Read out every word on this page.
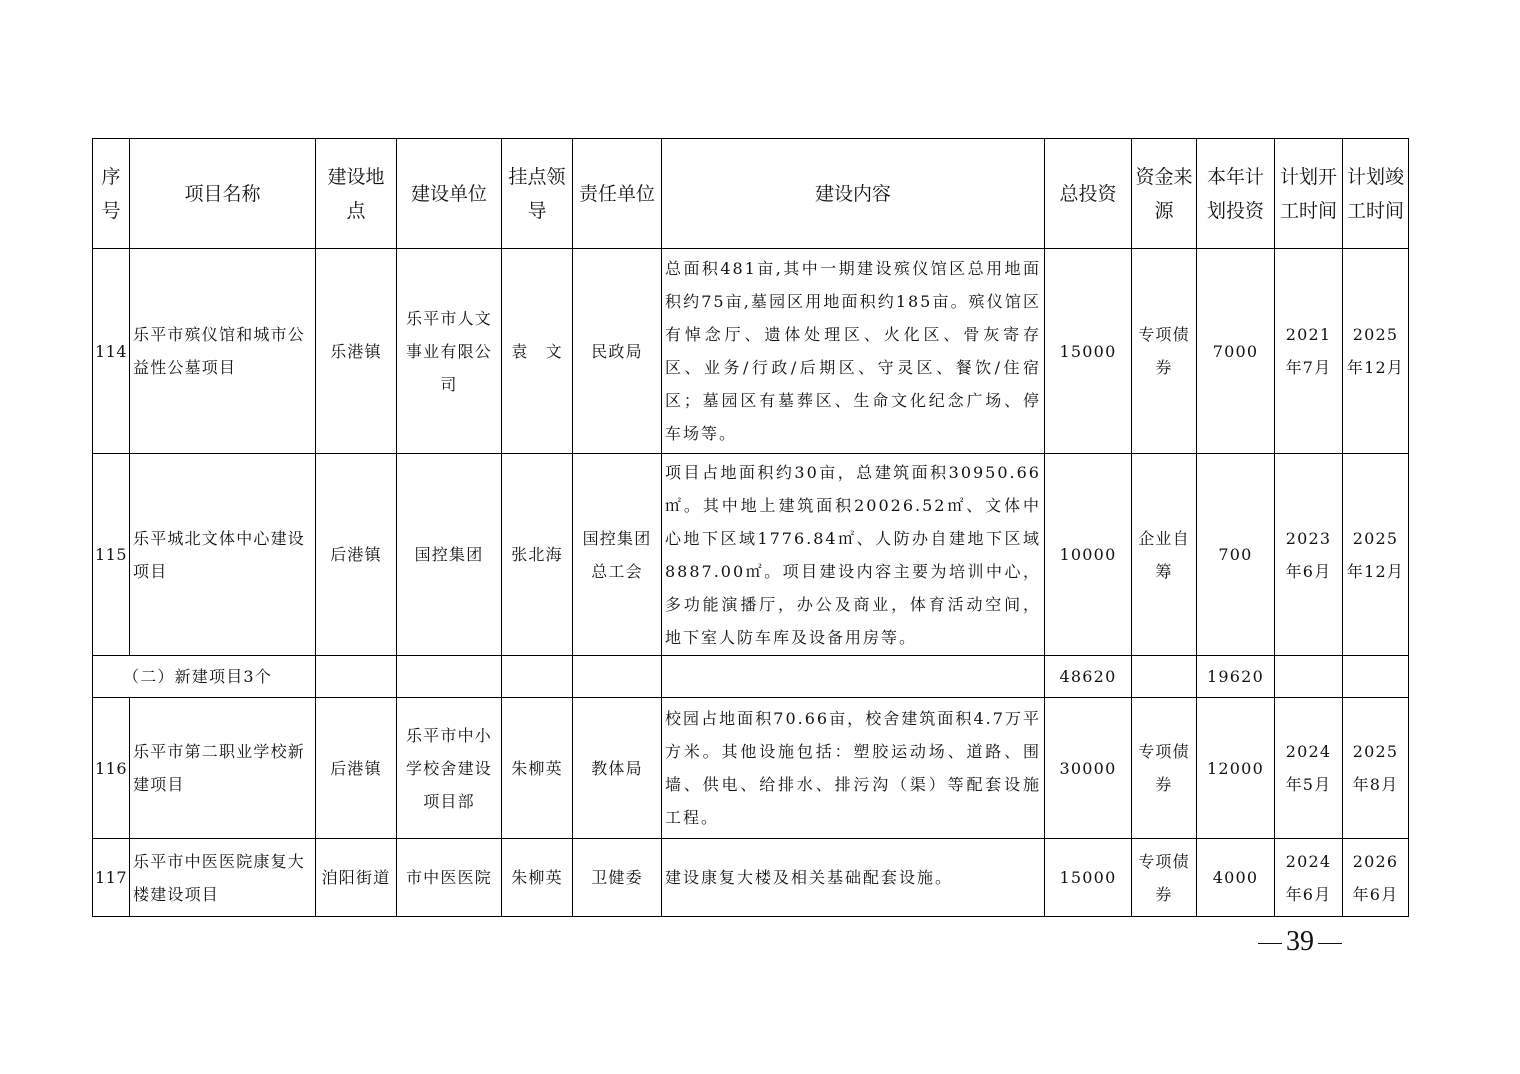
序号	项目名称	建设地点	建设单位	挂点领导	责任单位	建设内容	总投资	资金来源	本年计划投资	计划开工时间	计划竣工时间
114	乐平市殡仪馆和城市公益性公墓项目	乐港镇	乐平市人文事业有限公司	袁　文	民政局	总面积481亩,其中一期建设殡仪馆区总用地面积约75亩,墓园区用地面积约185亩。殡仪馆区有悼念厅、遗体处理区、火化区、骨灰寄存区、业务/行政/后期区、守灵区、餐饮/住宿区；墓园区有墓葬区、生命文化纪念广场、停车场等。	15000	专项债券	7000	2021年7月	2025年12月
115	乐平城北文体中心建设项目	后港镇	国控集团	张北海	国控集团总工会	项目占地面积约30亩，总建筑面积30950.66㎡。其中地上建筑面积20026.52㎡、文体中心地下区域1776.84㎡、人防办自建地下区域8887.00㎡。项目建设内容主要为培训中心，多功能演播厅，办公及商业，体育活动空间，地下室人防车库及设备用房等。	10000	企业自筹	700	2023年6月	2025年12月
（二）新建项目3个							48620		19620		
116	乐平市第二职业学校新建项目	后港镇	乐平市中小学校舍建设项目部	朱柳英	教体局	校园占地面积70.66亩，校舍建筑面积4.7万平方米。其他设施包括：塑胶运动场、道路、围墙、供电、给排水、排污沟（渠）等配套设施工程。	30000	专项债券	12000	2024年5月	2025年8月
117	乐平市中医医院康复大楼建设项目	洎阳街道	市中医医院	朱柳英	卫健委	建设康复大楼及相关基础配套设施。	15000	专项债券	4000	2024年6月	2026年6月
39
